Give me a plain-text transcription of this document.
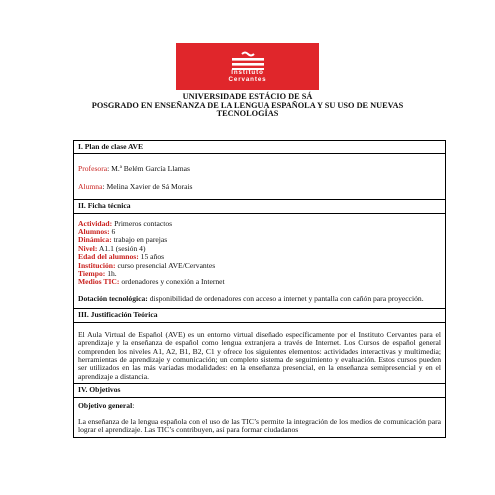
Instituto
Cervantes
UNIVERSIDADE ESTÁCIO DE SÁ
POSGRADO EN ENSEÑANZA DE LA LENGUA ESPAÑOLA Y SU USO DE NUEVAS
TECNOLOGÍAS
I. Plan de clase AVE

Profesora: M.ª Belém García Llamas
Alumna: Melina Xavier de Sá Morais

II. Ficha técnica

Actividad: Primeros contactos
Alumnos: 6
Dinámica: trabajo en parejas
Nivel: A1.1 (sesión 4)
Edad del alumnos: 15 años
Institución: curso presencial AVE/Cervantes
Tiempo: 1h.
Medios TIC: ordenadores y conexión a Internet
Dotación tecnológica: disponibilidad de ordenadores con acceso a internet y pantalla con cañón para proyección.

III. Justificación Teórica

El Aula Virtual de Español (AVE) es un entorno virtual diseñado específicamente por el Instituto Cervantes para el aprendizaje y la enseñanza de español como lengua extranjera a través de Internet. Los Cursos de español general comprenden los niveles A1, A2, B1, B2, C1 y ofrece los siguientes elementos: actividades interactivas y multimedia; herramientas de aprendizaje y comunicación; un completo sistema de seguimiento y evaluación. Estos cursos pueden ser utilizados en las más variadas modalidades: en la enseñanza presencial, en la enseñanza semipresencial y en el aprendizaje a distancia.

IV. Objetivos

Objetivo general:
La enseñanza de la lengua española con el uso de las TIC’s permite la integración de los medios de comunicación para lograr el aprendizaje. Las TIC’s contribuyen, así para formar ciudadanos
